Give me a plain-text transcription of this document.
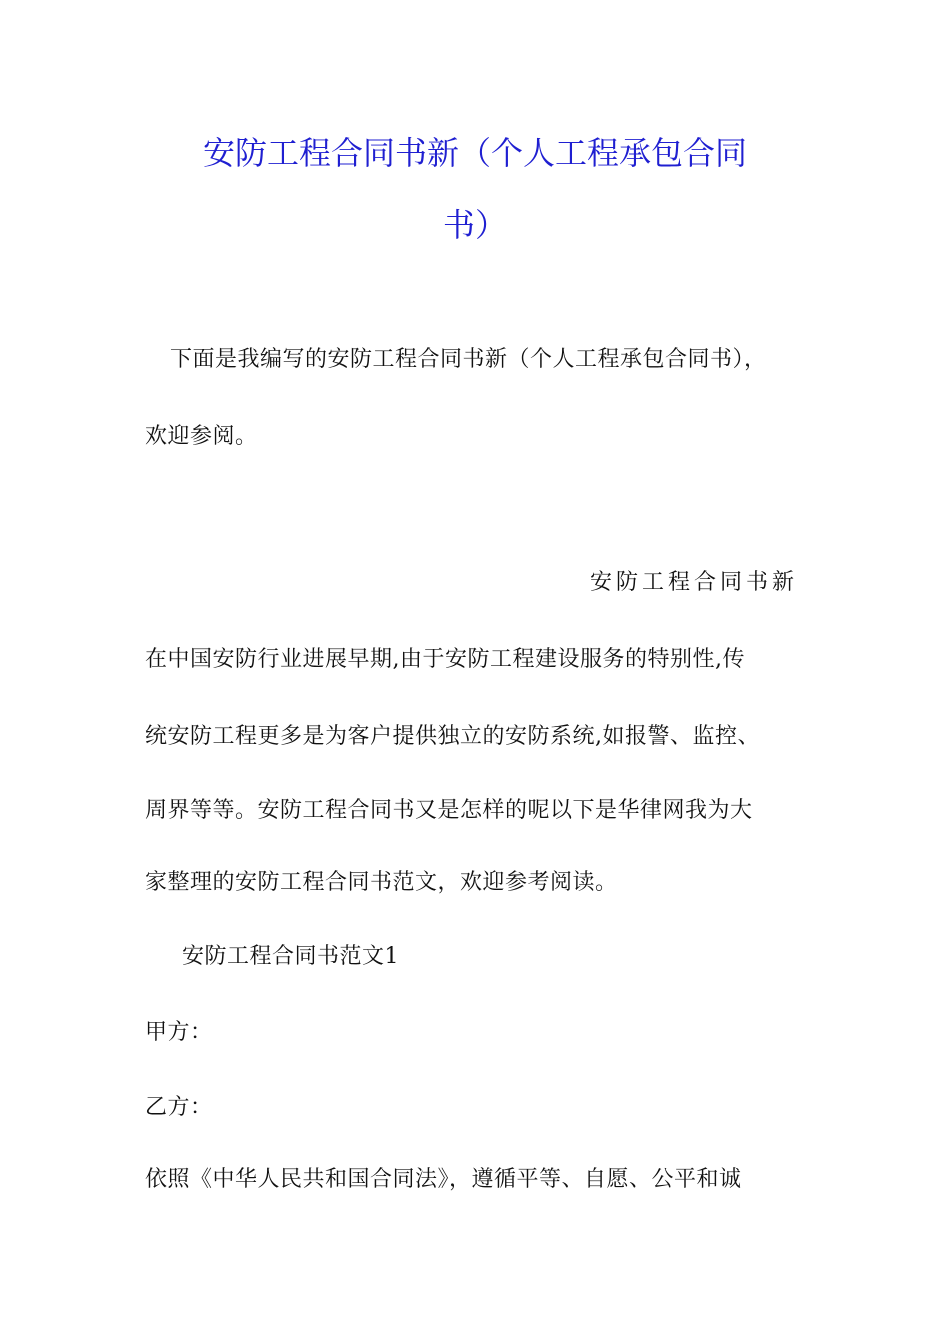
安防工程合同书新（个人工程承包合同
书）
下面是我编写的安防工程合同书新（个人工程承包合同书），
欢迎参阅。
安防工程合同书新
在中国安防行业进展早期,由于安防工程建设服务的特别性,传
统安防工程更多是为客户提供独立的安防系统,如报警、监控、
周界等等。安防工程合同书又是怎样的呢以下是华律网我为大
家整理的安防工程合同书范文，欢迎参考阅读。
安防工程合同书范文1
甲方：
乙方：
依照《中华人民共和国合同法》，遵循平等、自愿、公平和诚
